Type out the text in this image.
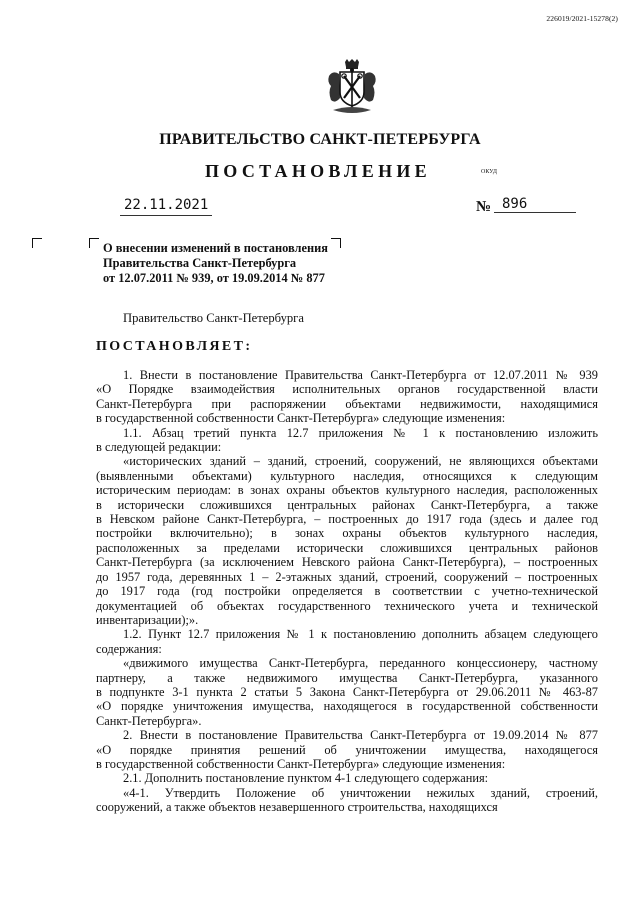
226019/2021-15278(2)
ПРАВИТЕЛЬСТВО САНКТ-ПЕТЕРБУРГА
ПОСТАНОВЛЕНИЕ	ОКУД
22.11.2021	№ 896
О внесении изменений в постановления
Правительства Санкт-Петербурга
от 12.07.2011 № 939, от 19.09.2014 № 877
Правительство Санкт-Петербурга
ПОСТАНОВЛЯЕТ:

1. Внести в постановление Правительства Санкт-Петербурга от 12.07.2011 № 939

«О Порядке взаимодействия исполнительных органов государственной власти

Санкт-Петербурга при распоряжении объектами недвижимости, находящимися

в государственной собственности Санкт-Петербурга» следующие изменения:

1.1. Абзац третий пункта 12.7 приложения № 1 к постановлению изложить

в следующей редакции:

«исторических зданий – зданий, строений, сооружений, не являющихся объектами

(выявленными объектами) культурного наследия, относящихся к следующим

историческим периодам: в зонах охраны объектов культурного наследия, расположенных

в исторически сложившихся центральных районах Санкт-Петербурга, а также

в Невском районе Санкт-Петербурга, – построенных до 1917 года (здесь и далее год

постройки включительно); в зонах охраны объектов культурного наследия,

расположенных за пределами исторически сложившихся центральных районов

Санкт-Петербурга (за исключением Невского района Санкт-Петербурга), – построенных

до 1957 года, деревянных 1 – 2-этажных зданий, строений, сооружений – построенных

до 1917 года (год постройки определяется в соответствии с учетно-технической

документацией об объектах государственного технического учета и технической

инвентаризации);».

1.2. Пункт 12.7 приложения № 1 к постановлению дополнить абзацем следующего

содержания:

«движимого имущества Санкт-Петербурга, переданного концессионеру, частному

партнеру, а также недвижимого имущества Санкт-Петербурга, указанного

в подпункте 3-1 пункта 2 статьи 5 Закона Санкт-Петербурга от 29.06.2011 № 463-87

«О порядке уничтожения имущества, находящегося в государственной собственности

Санкт-Петербурга».

2. Внести в постановление Правительства Санкт-Петербурга от 19.09.2014 № 877

«О порядке принятия решений об уничтожении имущества, находящегося

в государственной собственности Санкт-Петербурга» следующие изменения:

2.1. Дополнить постановление пунктом 4-1 следующего содержания:

«4-1. Утвердить Положение об уничтожении нежилых зданий, строений,

сооружений, а также объектов незавершенного строительства, находящихся
